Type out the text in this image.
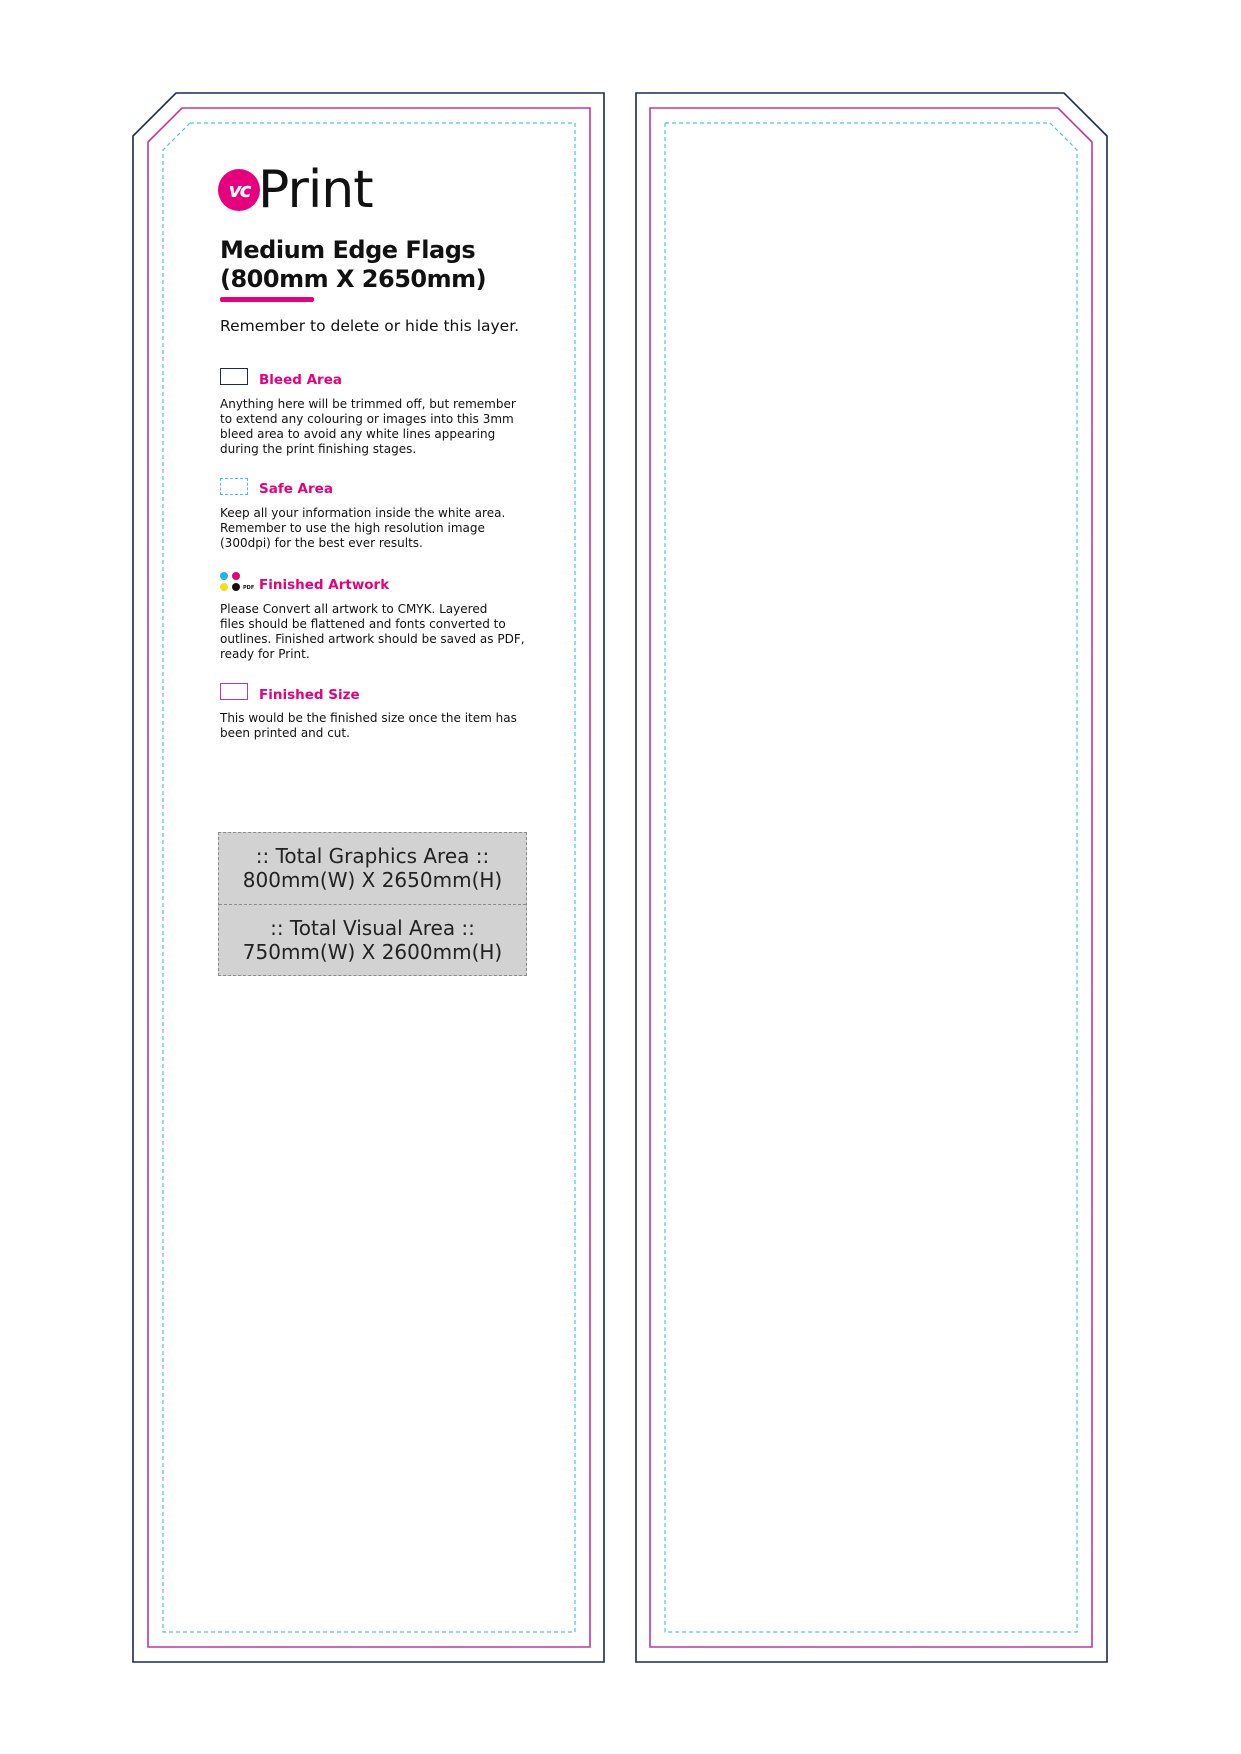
vc Print
Medium Edge Flags
(800mm X 2650mm)
Remember to delete or hide this layer.
Bleed Area
Anything here will be trimmed off, but remember
to extend any colouring or images into this 3mm
bleed area to avoid any white lines appearing
during the print finishing stages.
Safe Area
Keep all your information inside the white area.
Remember to use the high resolution image
(300dpi) for the best ever results.
PDF Finished Artwork
Please Convert all artwork to CMYK. Layered
files should be flattened and fonts converted to
outlines. Finished artwork should be saved as PDF,
ready for Print.
Finished Size
This would be the finished size once the item has
been printed and cut.
:: Total Graphics Area ::
800mm(W) X 2650mm(H)
:: Total Visual Area ::
750mm(W) X 2600mm(H)
